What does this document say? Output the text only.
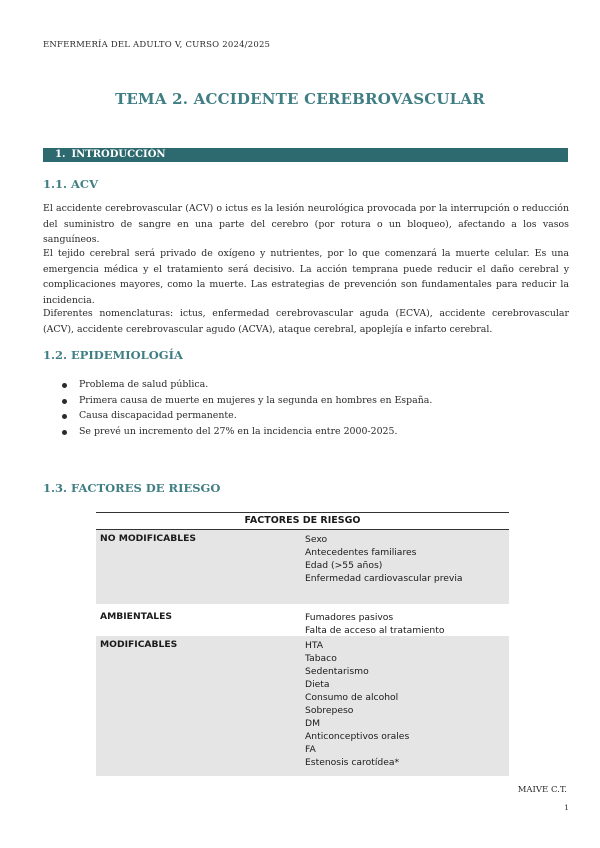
ENFERMERÍA DEL ADULTO V, CURSO 2024/2025
TEMA 2. ACCIDENTE CEREBROVASCULAR
1. INTRODUCCIÓN
1.1. ACV

El accidente cerebrovascular (ACV) o ictus es la lesión neurológica provocada por la interrupción o reducción del suministro de sangre en una parte del cerebro (por rotura o un bloqueo), afectando a los vasos sanguíneos.

El tejido cerebral será privado de oxígeno y nutrientes, por lo que comenzará la muerte celular. Es una emergencia médica y el tratamiento será decisivo. La acción temprana puede reducir el daño cerebral y complicaciones mayores, como la muerte. Las estrategias de prevención son fundamentales para reducir la incidencia.

Diferentes nomenclaturas: ictus, enfermedad cerebrovascular aguda (ECVA), accidente cerebrovascular (ACV), accidente cerebrovascular agudo (ACVA), ataque cerebral, apoplejía e infarto cerebral.

1.2. EPIDEMIOLOGÍA
Problema de salud pública.
Primera causa de muerte en mujeres y la segunda en hombres en España.
Causa discapacidad permanente.
Se prevé un incremento del 27% en la incidencia entre 2000-2025.
1.3. FACTORES DE RIESGO
FACTORES DE RIESGO
NO MODIFICABLES	Sexo
Antecedentes familiares
Edad (>55 años)
Enfermedad cardiovascular previa
AMBIENTALES	Fumadores pasivos
Falta de acceso al tratamiento
MODIFICABLES	HTA
Tabaco
Sedentarismo
Dieta
Consumo de alcohol
Sobrepeso
DM
Anticonceptivos orales
FA
Estenosis carotídea*
MAIVE C.T.
1
